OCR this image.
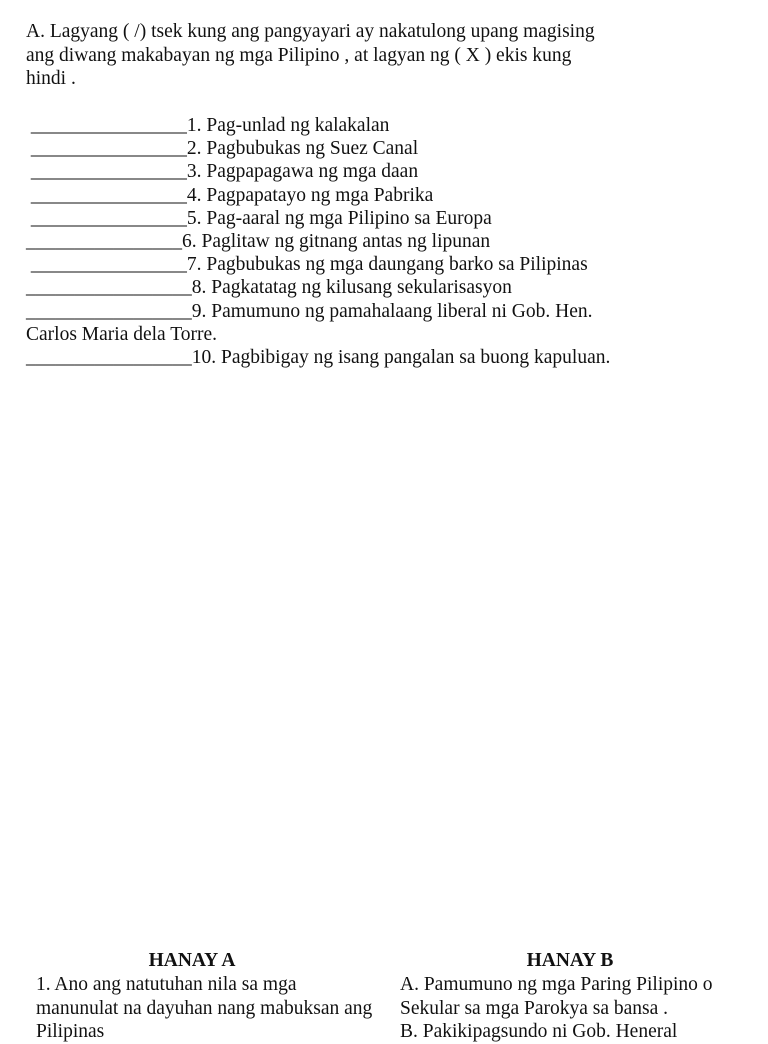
A. Lagyang ( /) tsek kung ang pangyayari ay nakatulong upang magising
ang diwang makabayan ng mga Pilipino , at lagyan ng ( X ) ekis kung
hindi .

________________1. Pag-unlad ng kalakalan
________________2. Pagbubukas ng Suez Canal
________________3. Pagpapagawa ng mga daan
________________4. Pagpapatayo ng mga Pabrika
________________5. Pag-aaral ng mga Pilipino sa Europa
________________6. Paglitaw ng gitnang antas ng lipunan
________________7. Pagbubukas ng mga daungang barko sa Pilipinas
_________________8. Pagkatatag ng kilusang sekularisasyon
_________________9. Pamumuno ng pamahalaang liberal ni Gob. Hen.
Carlos Maria dela Torre.
_________________10. Pagbibigay ng isang pangalan sa buong kapuluan.
HANAY A

1. Ano ang natutuhan nila sa mga manunulat na dayuhan nang mabuksan ang Pilipinas

HANAY B

A. Pamumuno ng mga Paring Pilipino o Sekular sa mga Parokya sa bansa .

B. Pakikipagsundo ni Gob. Heneral
